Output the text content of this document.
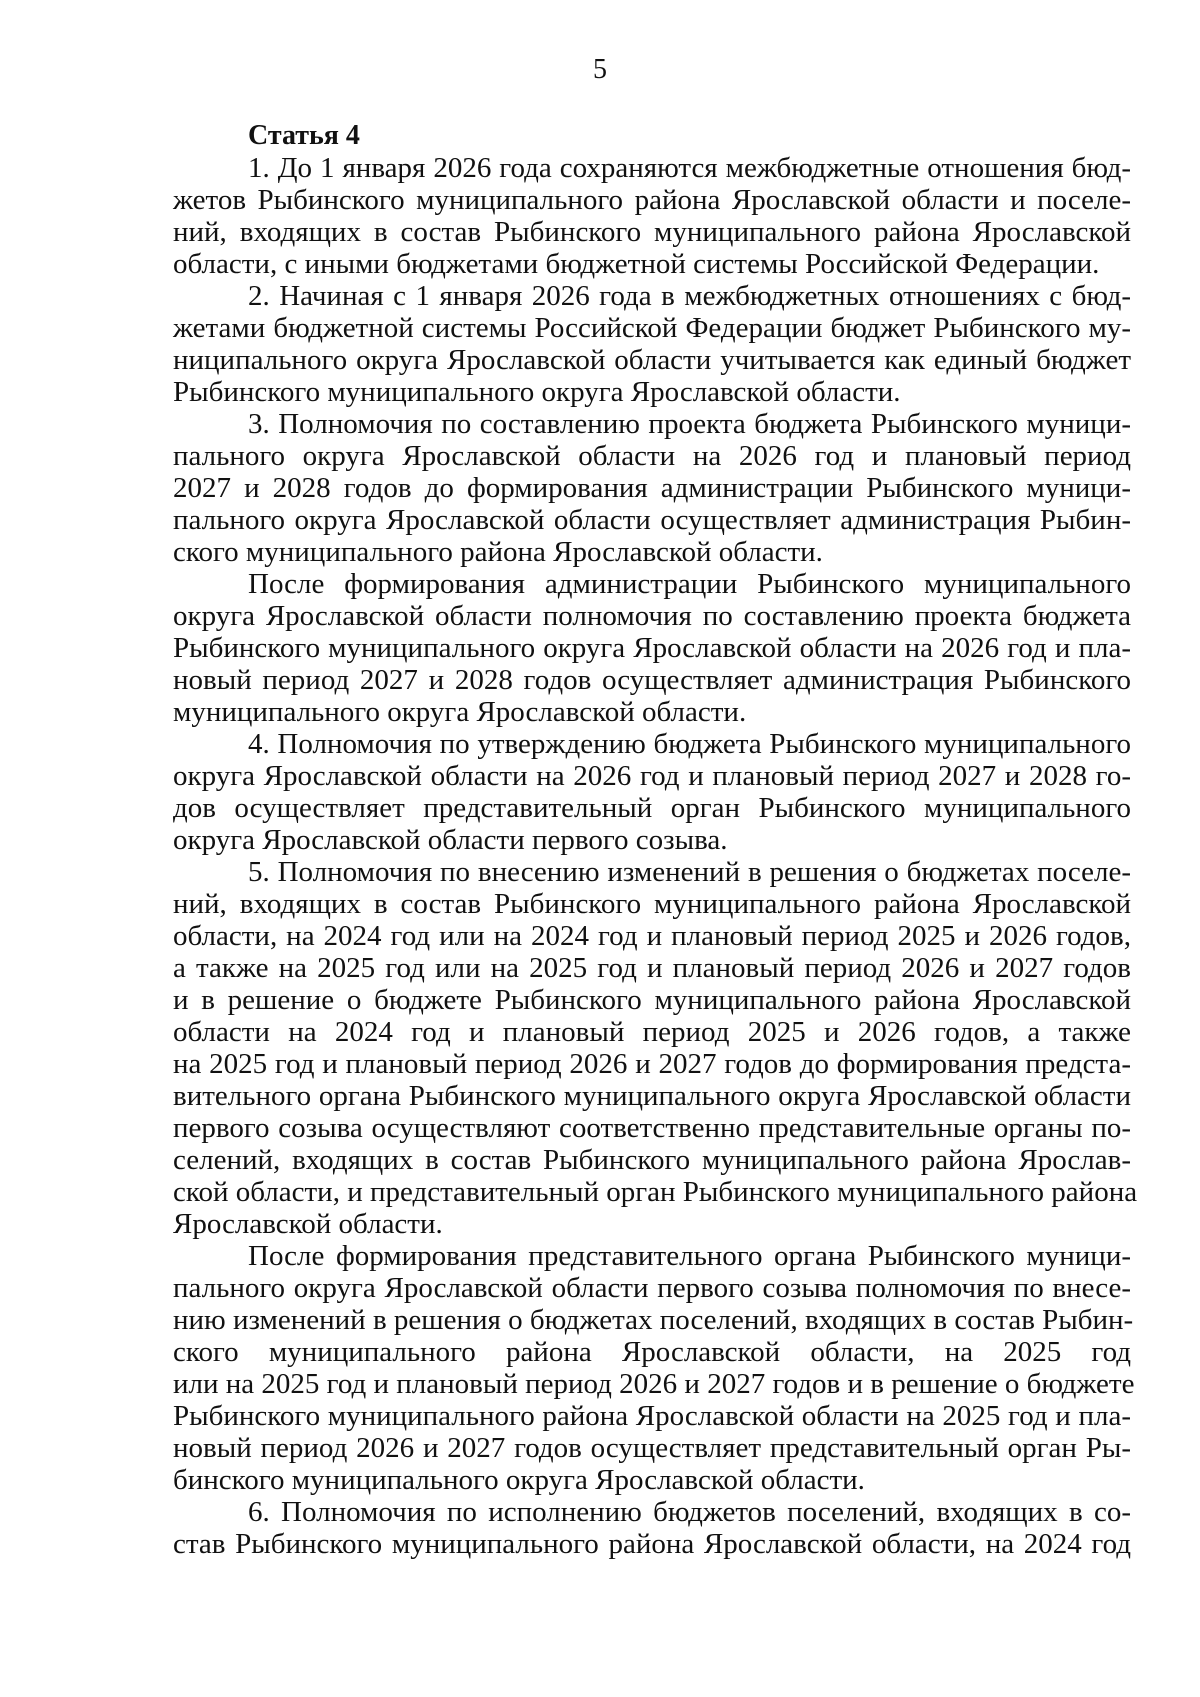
5
Статья 4
1. До 1 января 2026 года сохраняются межбюджетные отношения бюд-
жетов Рыбинского муниципального района Ярославской области и поселе-
ний, входящих в состав Рыбинского муниципального района Ярославской
области, с иными бюджетами бюджетной системы Российской Федерации.
2. Начиная с 1 января 2026 года в межбюджетных отношениях с бюд-
жетами бюджетной системы Российской Федерации бюджет Рыбинского му-
ниципального округа Ярославской области учитывается как единый бюджет
Рыбинского муниципального округа Ярославской области.
3. Полномочия по составлению проекта бюджета Рыбинского муници-
пального округа Ярославской области на 2026 год и плановый период
2027 и 2028 годов до формирования администрации Рыбинского муници-
пального округа Ярославской области осуществляет администрация Рыбин-
ского муниципального района Ярославской области.
После формирования администрации Рыбинского муниципального
округа Ярославской области полномочия по составлению проекта бюджета
Рыбинского муниципального округа Ярославской области на 2026 год и пла-
новый период 2027 и 2028 годов осуществляет администрация Рыбинского
муниципального округа Ярославской области.
4. Полномочия по утверждению бюджета Рыбинского муниципального
округа Ярославской области на 2026 год и плановый период 2027 и 2028 го-
дов осуществляет представительный орган Рыбинского муниципального
округа Ярославской области первого созыва.
5. Полномочия по внесению изменений в решения о бюджетах поселе-
ний, входящих в состав Рыбинского муниципального района Ярославской
области, на 2024 год или на 2024 год и плановый период 2025 и 2026 годов,
а также на 2025 год или на 2025 год и плановый период 2026 и 2027 годов
и в решение о бюджете Рыбинского муниципального района Ярославской
области на 2024 год и плановый период 2025 и 2026 годов, а также
на 2025 год и плановый период 2026 и 2027 годов до формирования предста-
вительного органа Рыбинского муниципального округа Ярославской области
первого созыва осуществляют соответственно представительные органы по-
селений, входящих в состав Рыбинского муниципального района Ярослав-
ской области, и представительный орган Рыбинского муниципального района
Ярославской области.
После формирования представительного органа Рыбинского муници-
пального округа Ярославской области первого созыва полномочия по внесе-
нию изменений в решения о бюджетах поселений, входящих в состав Рыбин-
ского муниципального района Ярославской области, на 2025 год
или на 2025 год и плановый период 2026 и 2027 годов и в решение о бюджете
Рыбинского муниципального района Ярославской области на 2025 год и пла-
новый период 2026 и 2027 годов осуществляет представительный орган Ры-
бинского муниципального округа Ярославской области.
6. Полномочия по исполнению бюджетов поселений, входящих в со-
став Рыбинского муниципального района Ярославской области, на 2024 год
